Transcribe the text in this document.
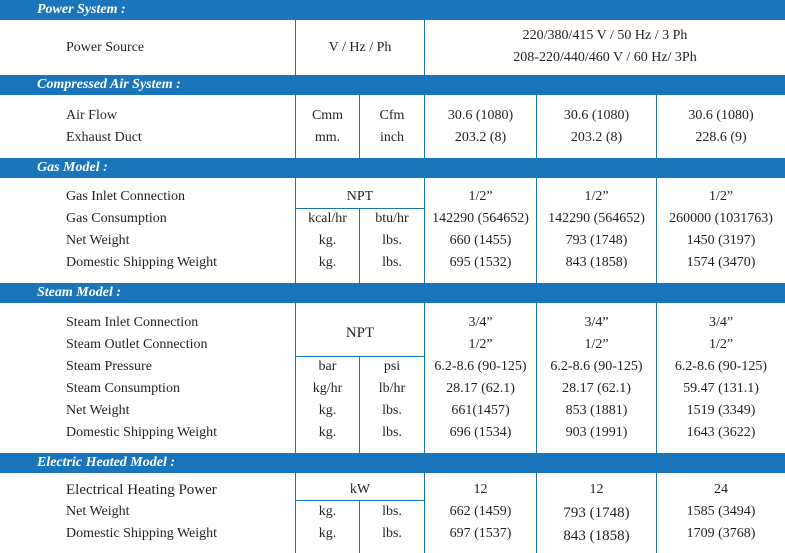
Power System :
Power Source	V / Hz / Ph
220/380/415 V / 50 Hz / 3 Ph
208-220/440/460 V / 60 Hz/ 3Ph
Compressed Air System :
Air Flow	Cmm	Cfm	30.6 (1080)	30.6 (1080)	30.6 (1080)
Exhaust Duct	mm.	inch	203.2 (8)	203.2 (8)	228.6 (9)
Gas Model :
Gas Inlet Connection	NPT	1/2”	1/2”	1/2”
Gas Consumption	kcal/hr	btu/hr	142290 (564652)	142290 (564652)	260000 (1031763)
Net Weight	kg.	lbs.	660 (1455)	793 (1748)	1450 (3197)
Domestic Shipping Weight	kg.	lbs.	695 (1532)	843 (1858)	1574 (3470)
Steam Model :
NPT
Steam Inlet Connection	3/4”	3/4”	3/4”
Steam Outlet Connection	1/2”	1/2”	1/2”
Steam Pressure	bar	psi	6.2-8.6 (90-125)	6.2-8.6 (90-125)	6.2-8.6 (90-125)
Steam Consumption	kg/hr	lb/hr	28.17 (62.1)	28.17 (62.1)	59.47 (131.1)
Net Weight	kg.	lbs.	661(1457)	853 (1881)	1519 (3349)
Domestic Shipping Weight	kg.	lbs.	696 (1534)	903 (1991)	1643 (3622)
Electric Heated Model :
Electrical Heating Power	kW	12	12	24
Net Weight	kg.	lbs.	662 (1459)	793 (1748)	1585 (3494)
Domestic Shipping Weight	kg.	lbs.	697 (1537)	843 (1858)	1709 (3768)
